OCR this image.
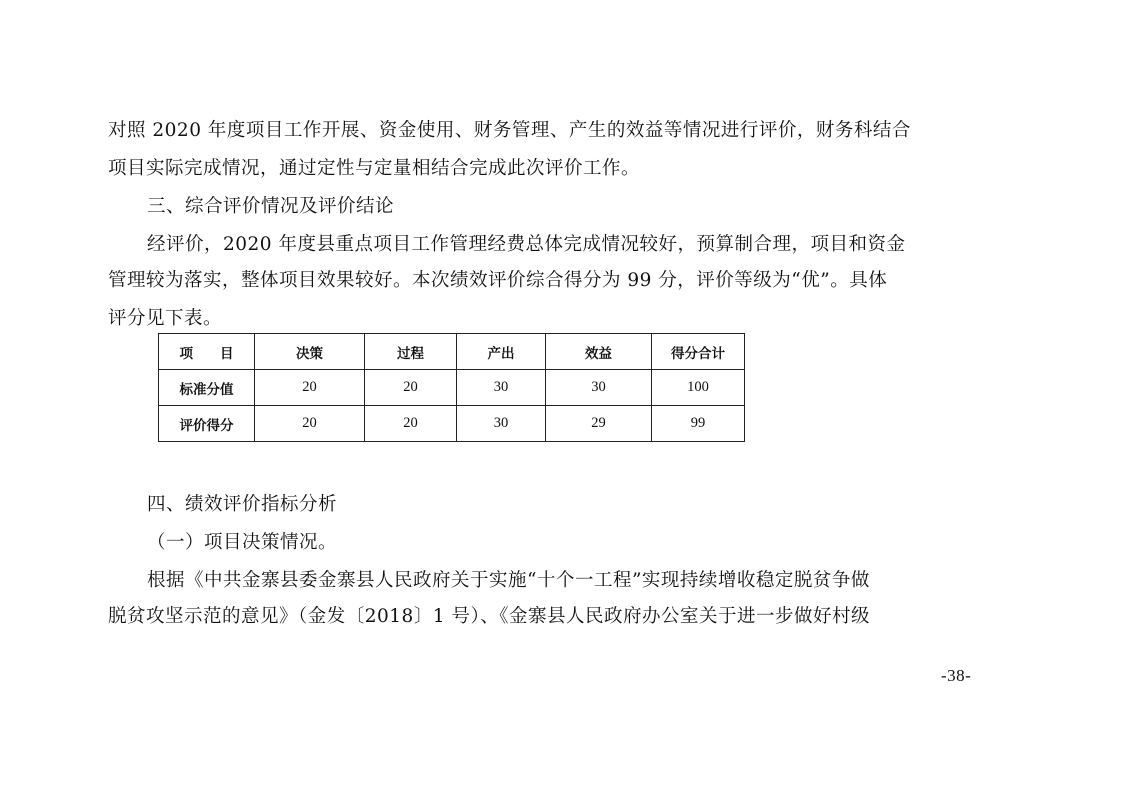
对照 2020 年度项目工作开展、资金使用、财务管理、产生的效益等情况进行评价，财务科结合
项目实际完成情况，通过定性与定量相结合完成此次评价工作。
三、综合评价情况及评价结论
经评价，2020 年度县重点项目工作管理经费总体完成情况较好，预算制合理，项目和资金
管理较为落实，整体项目效果较好。本次绩效评价综合得分为 99 分，评价等级为“优”。具体
评分见下表。
项　　目	决策	过程	产出	效益	得分合计
标准分值	20	20	30	30	100
评价得分	20	20	30	29	99
四、绩效评价指标分析
（一）项目决策情况。
根据《中共金寨县委金寨县人民政府关于实施“十个一工程”实现持续增收稳定脱贫争做
脱贫攻坚示范的意见》（金发〔2018〕1 号）、《金寨县人民政府办公室关于进一步做好村级
-38-
